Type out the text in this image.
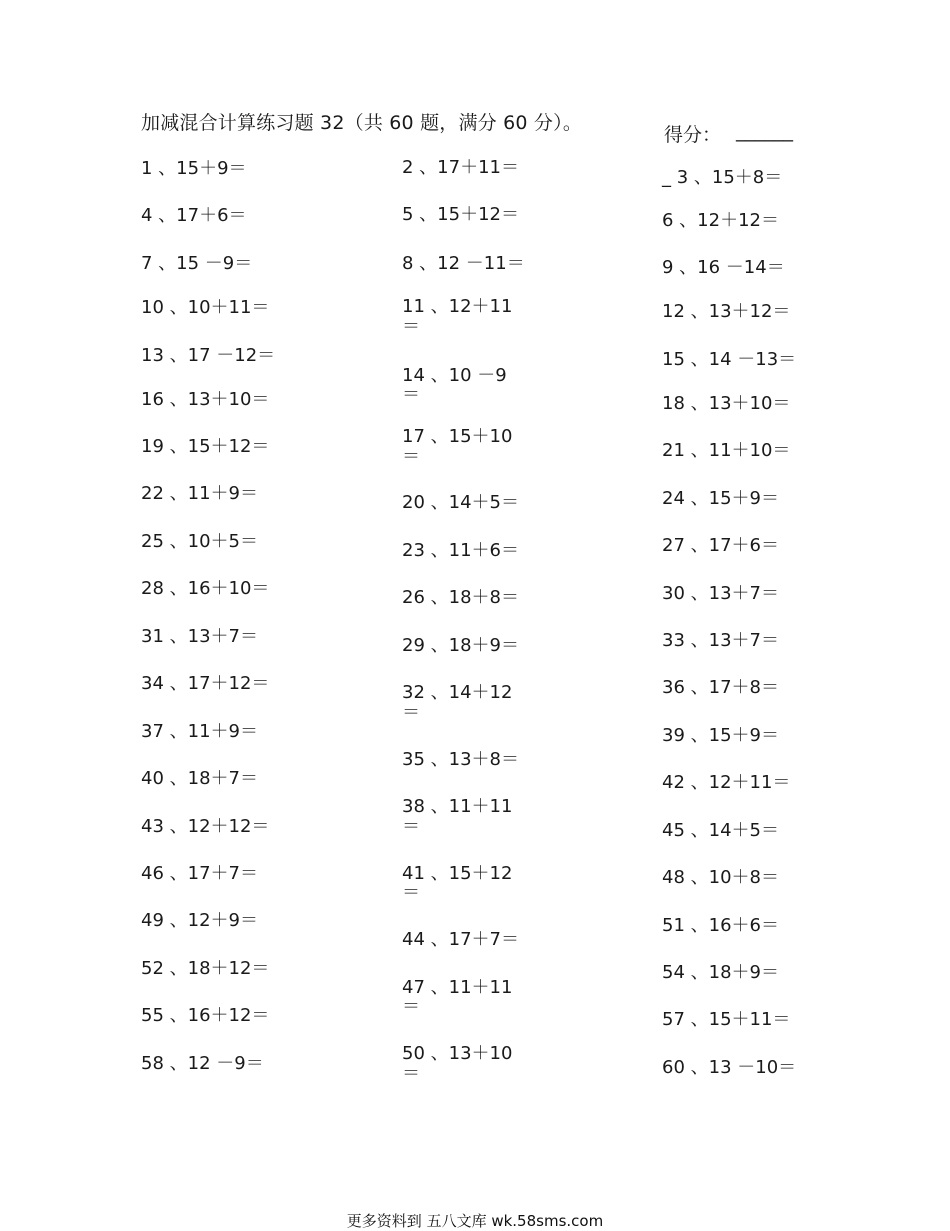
加减混合计算练习题 32（共 60 题，满分 60 分）。
得分： ______
1 、15＋9＝
4 、17＋6＝
7 、15 －9＝
10 、10＋11＝
13 、17 －12＝
16 、13＋10＝
19 、15＋12＝
22 、11＋9＝
25 、10＋5＝
28 、16＋10＝
31 、13＋7＝
34 、17＋12＝
37 、11＋9＝
40 、18＋7＝
43 、12＋12＝
46 、17＋7＝
49 、12＋9＝
52 、18＋12＝
55 、16＋12＝
58 、12 －9＝
2 、17＋11＝
5 、15＋12＝
8 、12 －11＝
11 、12＋11
＝
14 、10 －9
＝
17 、15＋10
＝
20 、14＋5＝
23 、11＋6＝
26 、18＋8＝
29 、18＋9＝
32 、14＋12
＝
35 、13＋8＝
38 、11＋11
＝
41 、15＋12
＝
44 、17＋7＝
47 、11＋11
＝
50 、13＋10
＝
_ 3 、15＋8＝
6 、12＋12＝
9 、16 －14＝
12 、13＋12＝
15 、14 －13＝
18 、13＋10＝
21 、11＋10＝
24 、15＋9＝
27 、17＋6＝
30 、13＋7＝
33 、13＋7＝
36 、17＋8＝
39 、15＋9＝
42 、12＋11＝
45 、14＋5＝
48 、10＋8＝
51 、16＋6＝
54 、18＋9＝
57 、15＋11＝
60 、13 －10＝
更多资料到 五八文库 wk.58sms.com
